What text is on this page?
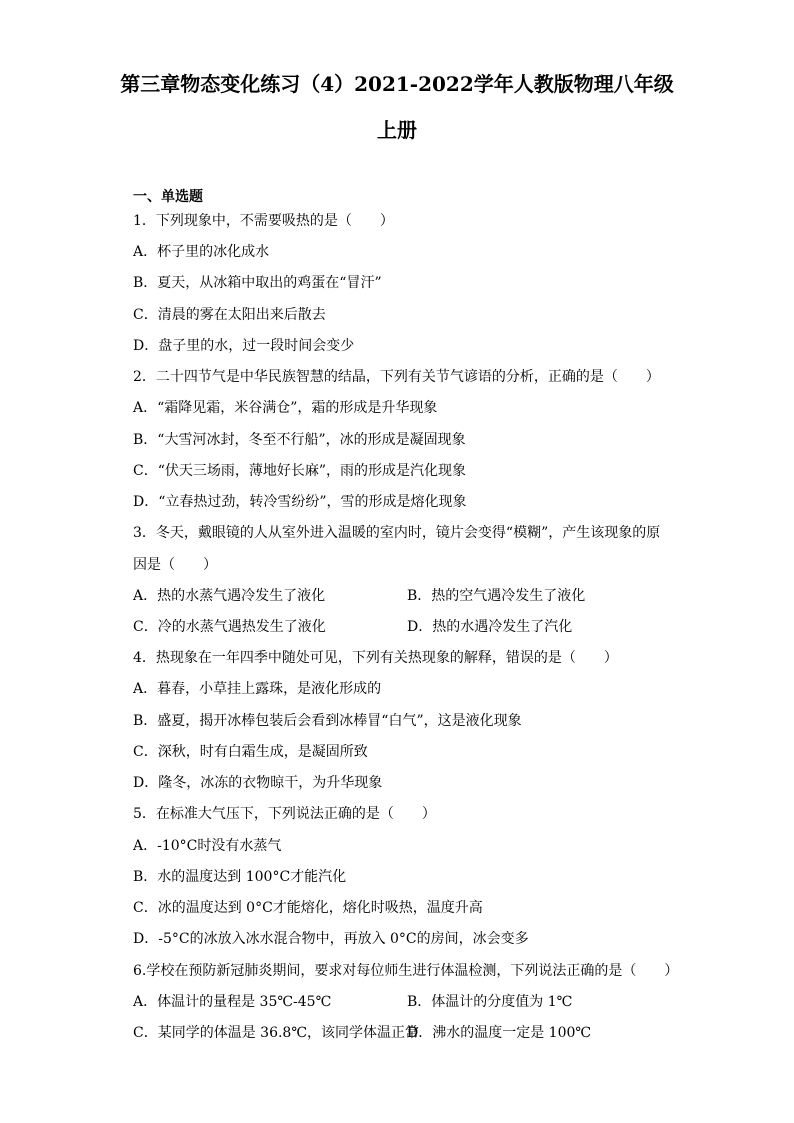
第三章物态变化练习（4）2021-2022学年人教版物理八年级
上册
一、单选题
1．下列现象中，不需要吸热的是（　　）
A．杯子里的冰化成水
B．夏天，从冰箱中取出的鸡蛋在“冒汗”
C．清晨的雾在太阳出来后散去
D．盘子里的水，过一段时间会变少
2．二十四节气是中华民族智慧的结晶，下列有关节气谚语的分析，正确的是（　　）
A．“霜降见霜，米谷满仓”，霜的形成是升华现象
B．“大雪河冰封，冬至不行船”，冰的形成是凝固现象
C．“伏天三场雨，薄地好长麻”，雨的形成是汽化现象
D．“立春热过劲，转冷雪纷纷”，雪的形成是熔化现象
3．冬天，戴眼镜的人从室外进入温暖的室内时，镜片会变得“模糊”，产生该现象的原
因是（　　）
A．热的水蒸气遇冷发生了液化	B．热的空气遇冷发生了液化
C．冷的水蒸气遇热发生了液化	D．热的水遇冷发生了汽化
4．热现象在一年四季中随处可见，下列有关热现象的解释，错误的是（　　）
A．暮春，小草挂上露珠，是液化形成的
B．盛夏，揭开冰棒包装后会看到冰棒冒“白气”，这是液化现象
C．深秋，时有白霜生成，是凝固所致
D．隆冬，冰冻的衣物晾干，为升华现象
5．在标准大气压下，下列说法正确的是（　　）
A．-10°C时没有水蒸气
B．水的温度达到 100°C才能汽化
C．冰的温度达到 0°C才能熔化，熔化时吸热，温度升高
D．-5°C的冰放入冰水混合物中，再放入 0°C的房间，冰会变多
6.学校在预防新冠肺炎期间，要求对每位师生进行体温检测，下列说法正确的是（　　）
A．体温计的量程是 35℃-45℃	B．体温计的分度值为 1℃
C．某同学的体温是 36.8℃，该同学体温正常
D．沸水的温度一定是 100℃
